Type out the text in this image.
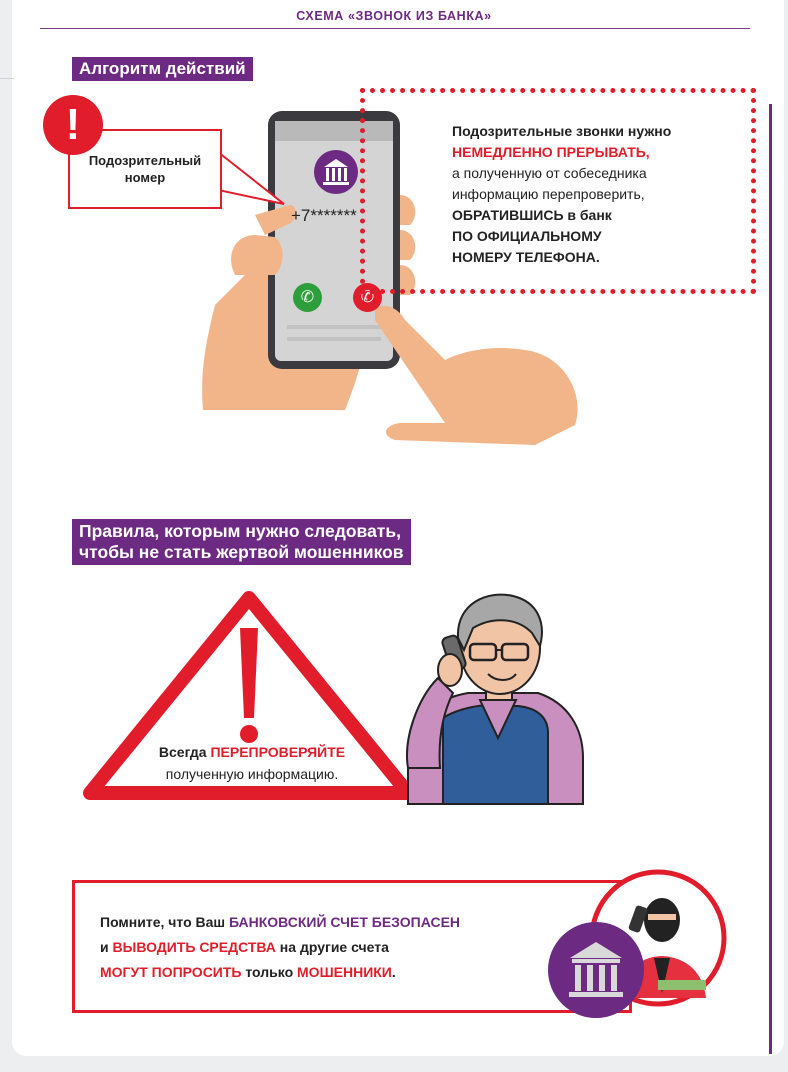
СХЕМА «ЗВОНОК ИЗ БАНКА»
Алгоритм действий
+7*******
✆	✆
Подозрительный номер
!	Подозрительные звонки нужно
НЕМЕДЛЕННО ПРЕРЫВАТЬ,
а полученную от собеседника
информацию перепроверить,
ОБРАТИВШИСЬ в банк
ПО ОФИЦИАЛЬНОМУ
НОМЕРУ ТЕЛЕФОНА.
Правила, которым нужно следовать,
чтобы не стать жертвой мошенников
Всегда ПЕРЕПРОВЕРЯЙТЕ
полученную информацию.
Помните, что Ваш БАНКОВСКИЙ СЧЕТ БЕЗОПАСЕН
и ВЫВОДИТЬ СРЕДСТВА на другие счета
МОГУТ ПОПРОСИТЬ только МОШЕННИКИ.
